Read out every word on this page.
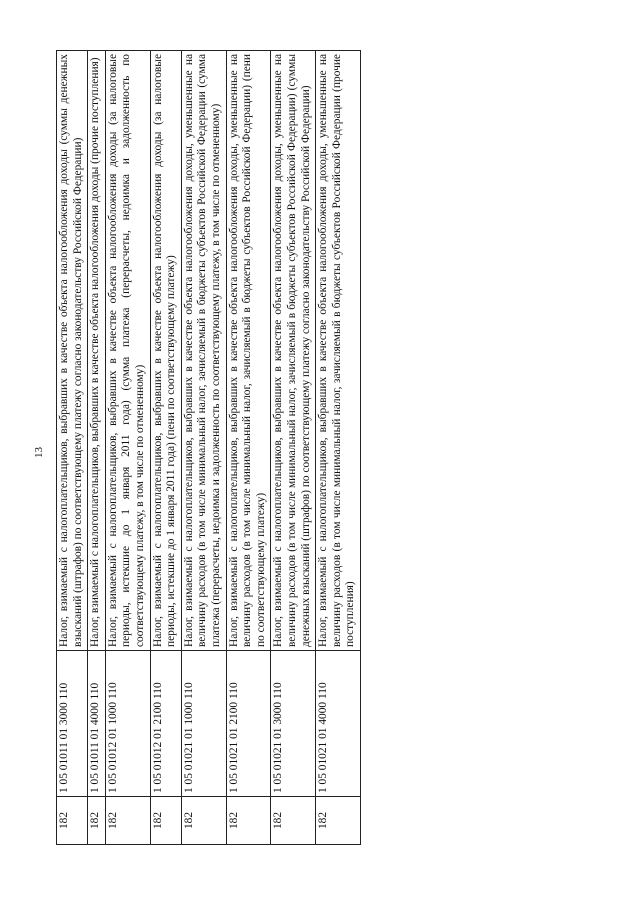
13
182	1 05 01011 01 3000 110	Налог, взимаемый с налогоплательщиков, выбравших в качестве объекта налогообложения доходы (суммы денежных взысканий (штрафов) по соответствующему платежу согласно законодательству Российской Федерации)
182	1 05 01011 01 4000 110	Налог, взимаемый с налогоплательщиков, выбравших в качестве объекта налогообложения доходы (прочие поступления)
182	1 05 01012 01 1000 110	Налог, взимаемый с налогоплательщиков, выбравших в качестве объекта налогообложения доходы (за налоговые периоды, истекшие до 1 января 2011 года) (сумма платежа (перерасчеты, недоимка и задолженность по соответствующему платежу, в том числе по отмененному)
182	1 05 01012 01 2100 110	Налог, взимаемый с налогоплательщиков, выбравших в качестве объекта налогообложения доходы (за налоговые периоды, истекшие до 1 января 2011 года) (пени по соответствующему платежу)
182	1 05 01021 01 1000 110	Налог, взимаемый с налогоплательщиков, выбравших в качестве объекта налогообложения доходы, уменьшенные на величину расходов (в том числе минимальный налог, зачисляемый в бюджеты субъектов Российской Федерации (сумма платежа (перерасчеты, недоимка и задолженность по соответствующему платежу, в том числе по отмененному)
182	1 05 01021 01 2100 110	Налог, взимаемый с налогоплательщиков, выбравших в качестве объекта налогообложения доходы, уменьшенные на величину расходов (в том числе минимальный налог, зачисляемый в бюджеты субъектов Российской Федерации) (пени по соответствующему платежу)
182	1 05 01021 01 3000 110	Налог, взимаемый с налогоплательщиков, выбравших в качестве объекта налогообложения доходы, уменьшенные на величину расходов (в том числе минимальный налог, зачисляемый в бюджеты субъектов Российской Федерации) (суммы денежных взысканий (штрафов) по соответствующему платежу согласно законодательству Российской Федерации)
182	1 05 01021 01 4000 110	Налог, взимаемый с налогоплательщиков, выбравших в качестве объекта налогообложения доходы, уменьшенные на величину расходов (в том числе минимальный налог, зачисляемый в бюджеты субъектов Российской Федерации (прочие поступления)
